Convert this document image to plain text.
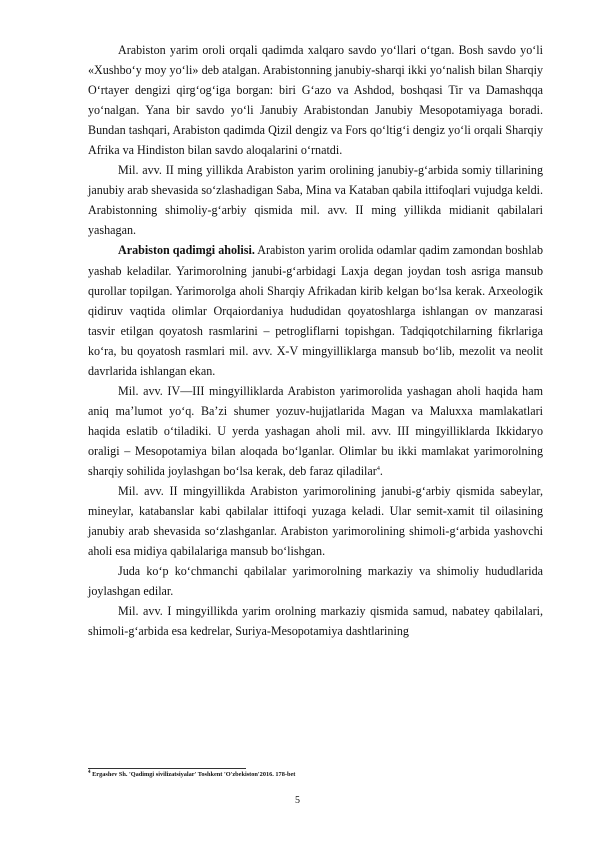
Arabiston yarim oroli orqali qadimda xalqaro savdo yo‘llari o‘tgan. Bosh savdo yo‘li «Xushbo‘y moy yo‘li» deb atalgan. Arabistonning janubiy-sharqi ikki yo‘nalish bilan Sharqiy O‘rtayer dengizi qirg‘og‘iga borgan: biri G‘azo va Ashdod, boshqasi Tir va Damashqqa yo‘nalgan. Yana bir savdo yo‘li Janubiy Arabistondan Janubiy Mesopotamiyaga boradi. Bundan tashqari, Arabiston qadimda Qizil dengiz va Fors qo‘ltig‘i dengiz yo‘li orqali Sharqiy Afrika va Hindiston bilan savdo aloqalarini o‘rnatdi.

Mil. avv. II ming yillikda Arabiston yarim orolining janubiy-g‘arbida somiy tillarining janubiy arab shevasida so‘zlashadigan Saba, Mina va Kataban qabila ittifoqlari vujudga keldi. Arabistonning shimoliy-g‘arbiy qismida mil. avv. II ming yillikda midianit qabilalari yashagan.

Arabiston qadimgi aholisi. Arabiston yarim orolida odamlar qadim zamondan boshlab yashab keladilar. Yarimorolning janubi-g‘arbidagi Laxja degan joydan tosh asriga mansub qurollar topilgan. Yarimorolga aholi Sharqiy Afrikadan kirib kelgan bo‘lsa kerak. Arxeologik qidiruv vaqtida olimlar Orqaiordaniya hududidan qoyatoshlarga ishlangan ov manzarasi tasvir etilgan qoyatosh rasmlarini – petrogliflarni topishgan. Tadqiqotchilarning fikrlariga ko‘ra, bu qoyatosh rasmlari mil. avv. X-V mingyilliklarga mansub bo‘lib, mezolit va neolit davrlarida ishlangan ekan.

Mil. avv. IV—III mingyilliklarda Arabiston yarimorolida yashagan aholi haqida ham aniq ma’lumot yo‘q. Ba’zi shumer yozuv-hujjatlarida Magan va Maluxxa mamlakatlari haqida eslatib o‘tiladiki. U yerda yashagan aholi mil. avv. III mingyilliklarda Ikkidaryo oraligi – Mesopotamiya bilan aloqada bo‘lganlar. Olimlar bu ikki mamlakat yarimorolning sharqiy sohilida joylashgan bo‘lsa kerak, deb faraz qiladilar$^4$.

Mil. avv. II mingyillikda Arabiston yarimorolining janubi-g‘arbiy qismida sabeylar, mineylar, katabanslar kabi qabilalar ittifoqi yuzaga keladi. Ular semit-xamit til oilasining janubiy arab shevasida so‘zlashganlar. Arabiston yarimorolining shimoli-g‘arbida yashovchi aholi esa midiya qabilalariga mansub bo‘lishgan.

Juda ko‘p ko‘chmanchi qabilalar yarimorolning markaziy va shimoliy hududlarida joylashgan edilar.

Mil. avv. I mingyillikda yarim orolning markaziy qismida samud, nabatey qabilalari, shimoli-g‘arbida esa kedrelar, Suriya-Mesopotamiya dashtlarining

$^4$ Ergashev Sh. 'Qadimgi sivilizatsiyalar' Toshkent 'O'zbekiston'2016. 178-bet
5
